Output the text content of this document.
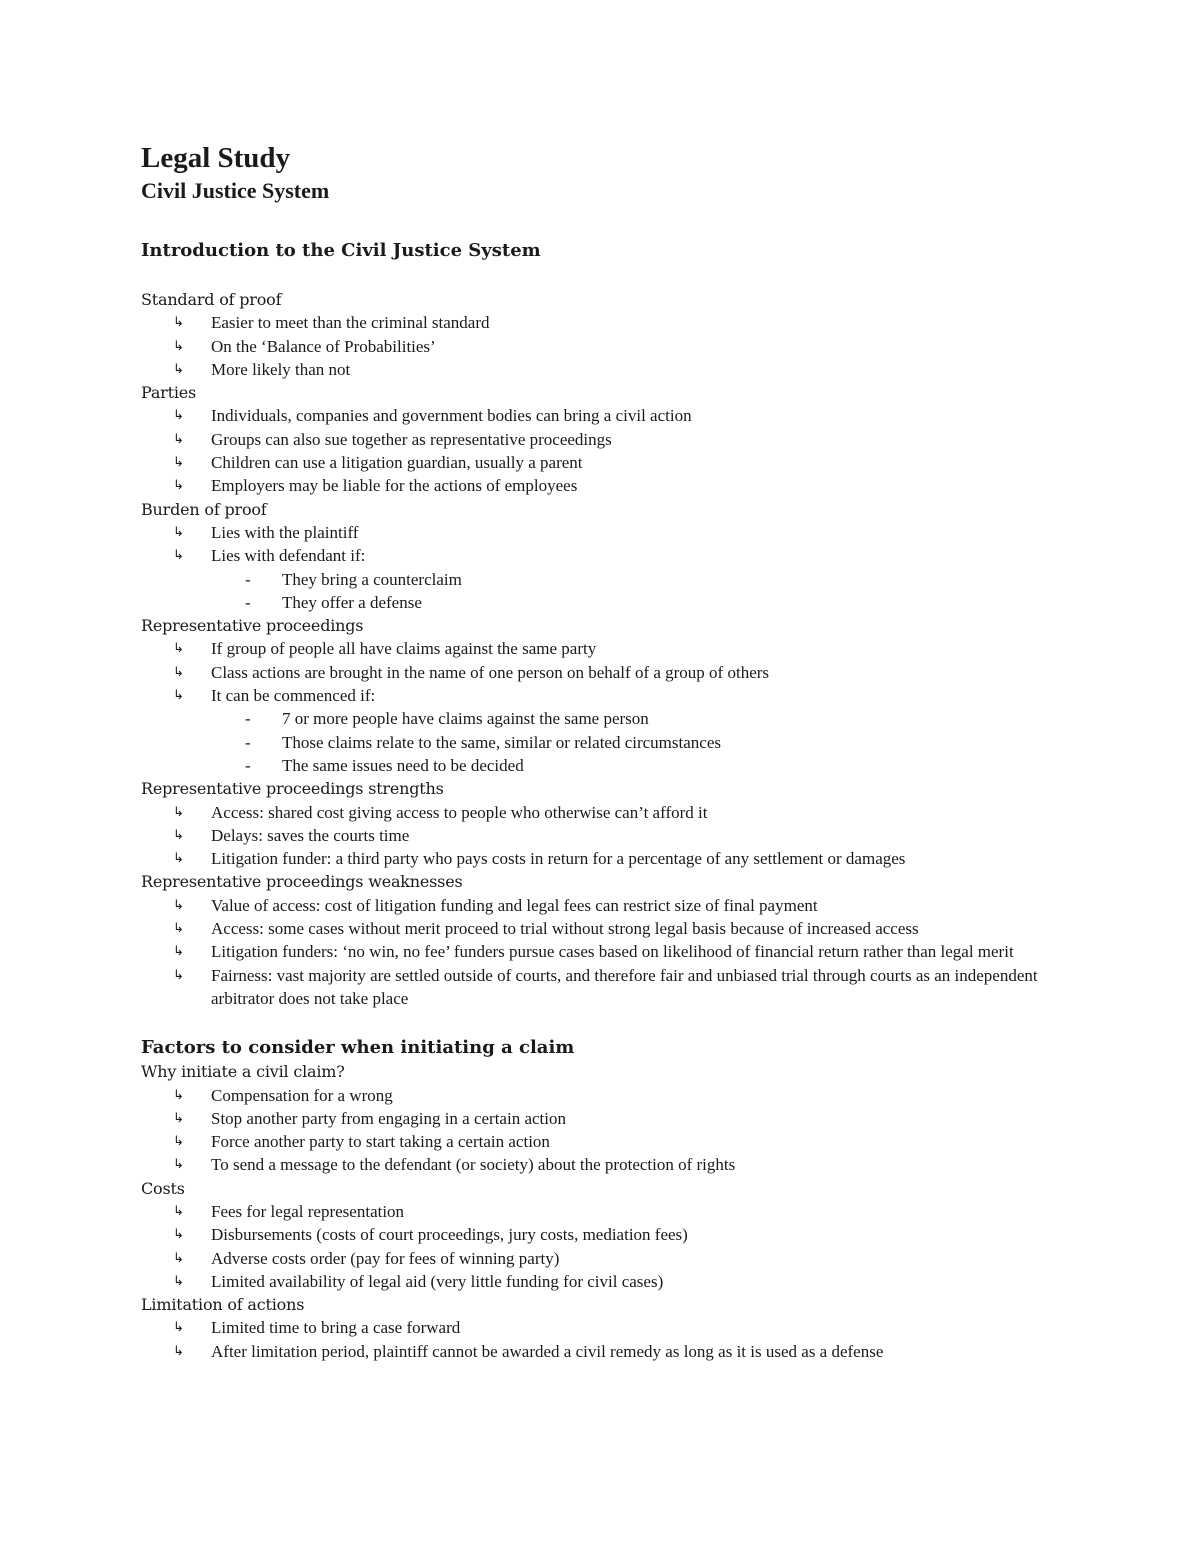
Legal Study
Civil Justice System
Introduction to the Civil Justice System
Standard of proof
↳ Easier to meet than the criminal standard
↳ On the ‘Balance of Probabilities’
↳ More likely than not
Parties
↳ Individuals, companies and government bodies can bring a civil action
↳ Groups can also sue together as representative proceedings
↳ Children can use a litigation guardian, usually a parent
↳ Employers may be liable for the actions of employees
Burden of proof
↳ Lies with the plaintiff
↳ Lies with defendant if:
- They bring a counterclaim
- They offer a defense
Representative proceedings
↳ If group of people all have claims against the same party
↳ Class actions are brought in the name of one person on behalf of a group of others
↳ It can be commenced if:
- 7 or more people have claims against the same person
- Those claims relate to the same, similar or related circumstances
- The same issues need to be decided
Representative proceedings strengths
↳ Access: shared cost giving access to people who otherwise can’t afford it
↳ Delays: saves the courts time
↳ Litigation funder: a third party who pays costs in return for a percentage of any settlement or damages
Representative proceedings weaknesses
↳ Value of access: cost of litigation funding and legal fees can restrict size of final payment
↳ Access: some cases without merit proceed to trial without strong legal basis because of increased access
↳ Litigation funders: ‘no win, no fee’ funders pursue cases based on likelihood of financial return rather than legal merit
↳ Fairness: vast majority are settled outside of courts, and therefore fair and unbiased trial through courts as an independent arbitrator does not take place
Factors to consider when initiating a claim
Why initiate a civil claim?
↳ Compensation for a wrong
↳ Stop another party from engaging in a certain action
↳ Force another party to start taking a certain action
↳ To send a message to the defendant (or society) about the protection of rights
Costs
↳ Fees for legal representation
↳ Disbursements (costs of court proceedings, jury costs, mediation fees)
↳ Adverse costs order (pay for fees of winning party)
↳ Limited availability of legal aid (very little funding for civil cases)
Limitation of actions
↳ Limited time to bring a case forward
↳ After limitation period, plaintiff cannot be awarded a civil remedy as long as it is used as a defense
